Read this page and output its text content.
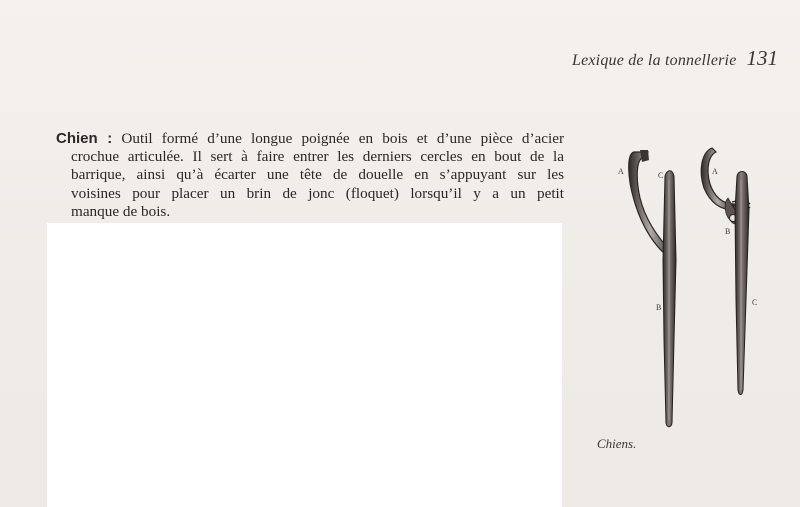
Lexique de la tonnellerie 131
Chien : Outil formé d’une longue poignée en bois et d’une pièce d’acier
crochue articulée. Il sert à faire entrer les derniers cercles en bout de la
barrique, ainsi qu’à écarter une tête de douelle en s’appuyant sur les
voisines pour placer un brin de jonc (floquet) lorsqu’il y a un petit
manque de bois.
A	C
B
A
B
C
Chiens.
